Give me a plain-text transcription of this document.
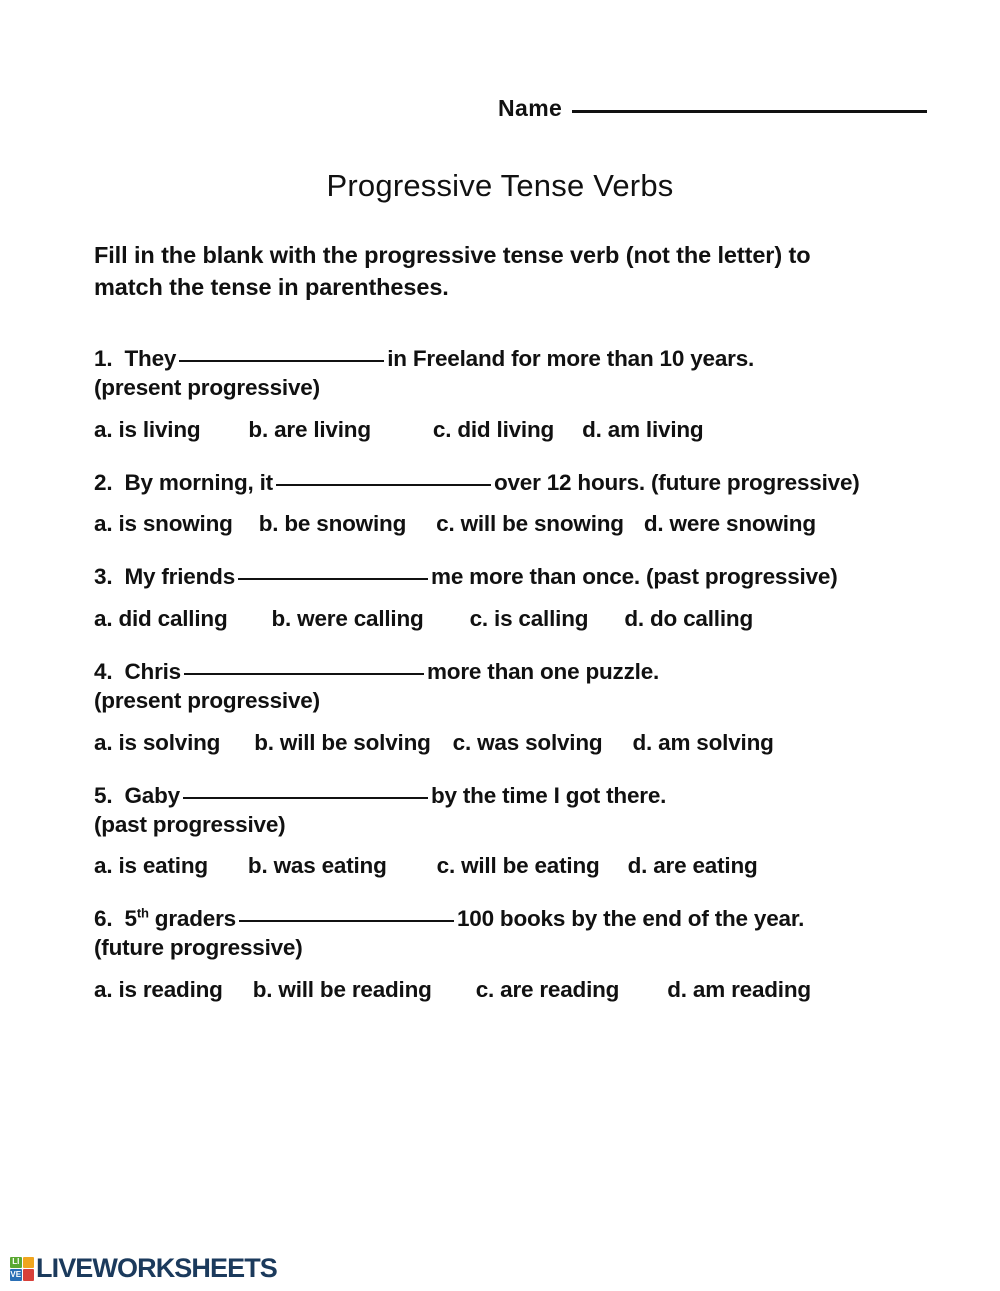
Name
Progressive Tense Verbs
Fill in the blank with the progressive tense verb (not the letter) to match the tense in parentheses.
1. They	in Freeland for more than 10 years.
(present progressive)
a. is living b. are living	c. did living d. am living
2. By morning, it	over 12 hours. (future progressive)
a. is snowing b. be snowing c. will be snowing d. were snowing
3. My friends	me more than once. (past progressive)
a. did calling b. were calling c. is calling d. do calling
4. Chris	more than one puzzle.
(present progressive)
a. is solving b. will be solving c. was solving d. am solving
5. Gaby	by the time I got there.
(past progressive)
a. is eating b. was eating c. will be eating d. are eating
6. 5th graders	100 books by the end of the year.
(future progressive)
a. is reading b. will be reading c. are reading d. am reading
LI
VE LIVEWORKSHEETS
